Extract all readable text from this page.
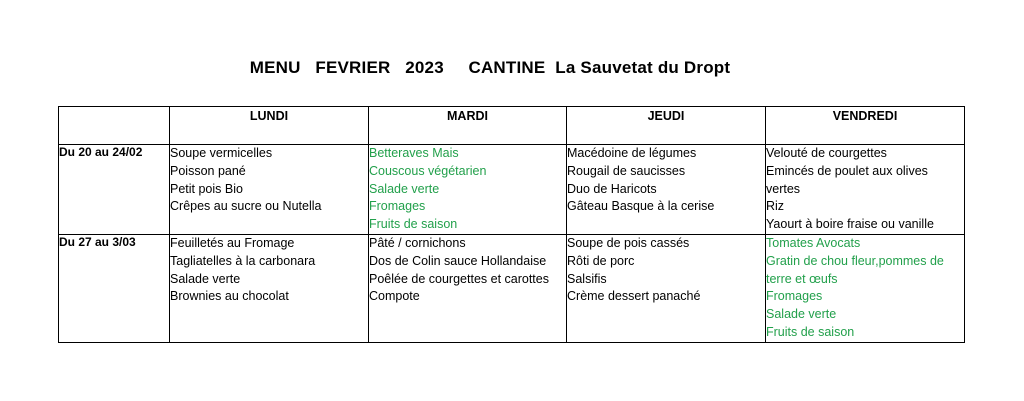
MENU   FEVRIER   2023     CANTINE  La Sauvetat du Dropt
	LUNDI	MARDI	JEUDI	VENDREDI
Du 20 au 24/02	Soupe vermicelles
Poisson pané
Petit pois Bio
Crêpes au sucre ou Nutella	Betteraves Mais
Couscous végétarien
Salade verte
Fromages
Fruits de saison	Macédoine de légumes
Rougail de saucisses
Duo de Haricots
Gâteau Basque à la cerise	Velouté de courgettes
Emincés de poulet aux olives vertes
Riz
Yaourt à boire fraise ou vanille

Du 27 au 3/03	Feuilletés au Fromage
Tagliatelles à la carbonara
Salade verte
Brownies au chocolat	Pâté / cornichons
Dos de Colin sauce Hollandaise
Poêlée de courgettes et carottes
Compote	Soupe de pois cassés
Rôti de porc
Salsifis
Crème dessert panaché	Tomates Avocats
Gratin de chou fleur,pommes de terre et œufs
Fromages
Salade verte
Fruits de saison
